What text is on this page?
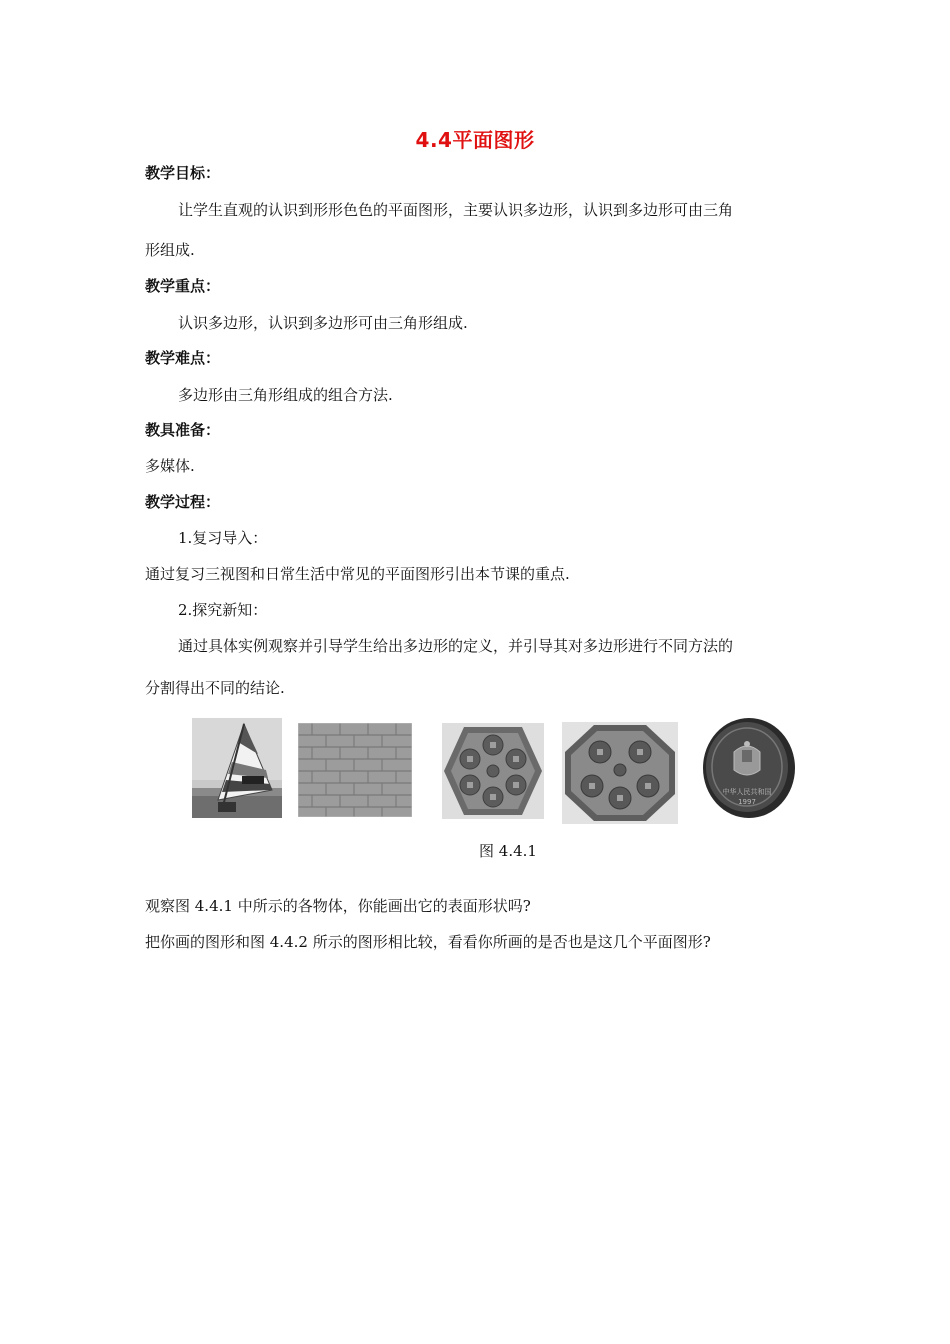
4.4平面图形
教学目标：
让学生直观的认识到形形色色的平面图形，主要认识多边形，认识到多边形可由三角
形组成.
教学重点：
认识多边形，认识到多边形可由三角形组成.
教学难点：
多边形由三角形组成的组合方法.
教具准备：
多媒体.
教学过程：
1.复习导入：
通过复习三视图和日常生活中常见的平面图形引出本节课的重点.
2.探究新知：
通过具体实例观察并引导学生给出多边形的定义，并引导其对多边形进行不同方法的
分割得出不同的结论.
中华人民共和国
1997
图 4.4.1
观察图 4.4.1 中所示的各物体，你能画出它的表面形状吗?
把你画的图形和图 4.4.2 所示的图形相比较，看看你所画的是否也是这几个平面图形?
